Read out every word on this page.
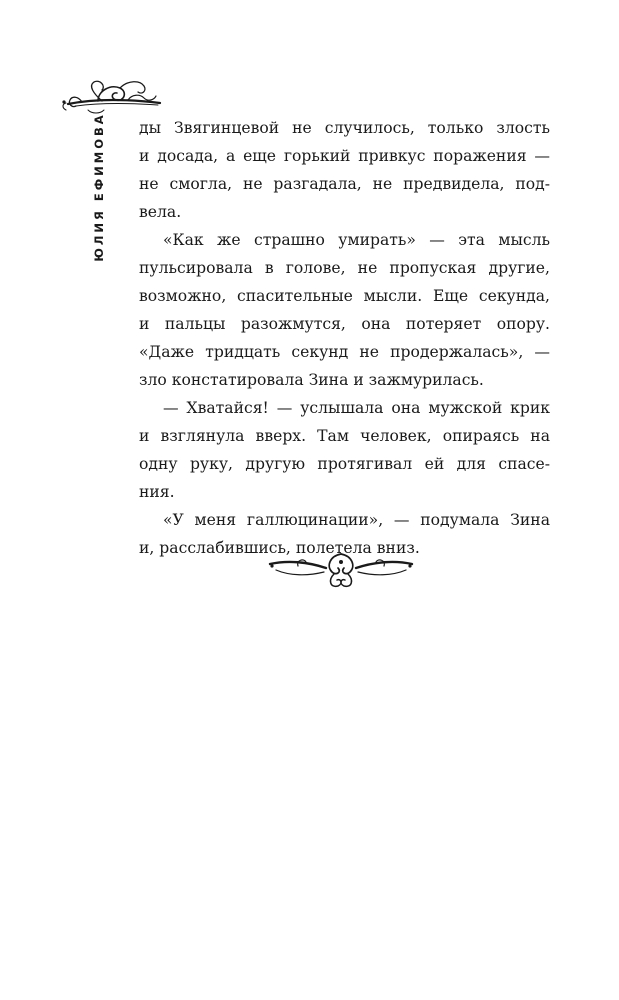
ЮЛИЯ ЕФИМОВА ды Звягинцевой не случилось, только злость
и досада, а еще горький привкус поражения —
не смогла, не разгадала, не предвидела, под-
вела.

«Как же страшно умирать» — эта мысль
пульсировала в голове, не пропуская другие,
возможно, спасительные мысли. Еще секунда,
и пальцы разожмутся, она потеряет опору.
«Даже тридцать секунд не продержалась», —
зло констатировала Зина и зажмурилась.

— Хватайся! — услышала она мужской крик
и взглянула вверх. Там человек, опираясь на
одну руку, другую протягивал ей для спасе-
ния.

«У меня галлюцинации», — подумала Зина
и, расслабившись, полетела вниз.
